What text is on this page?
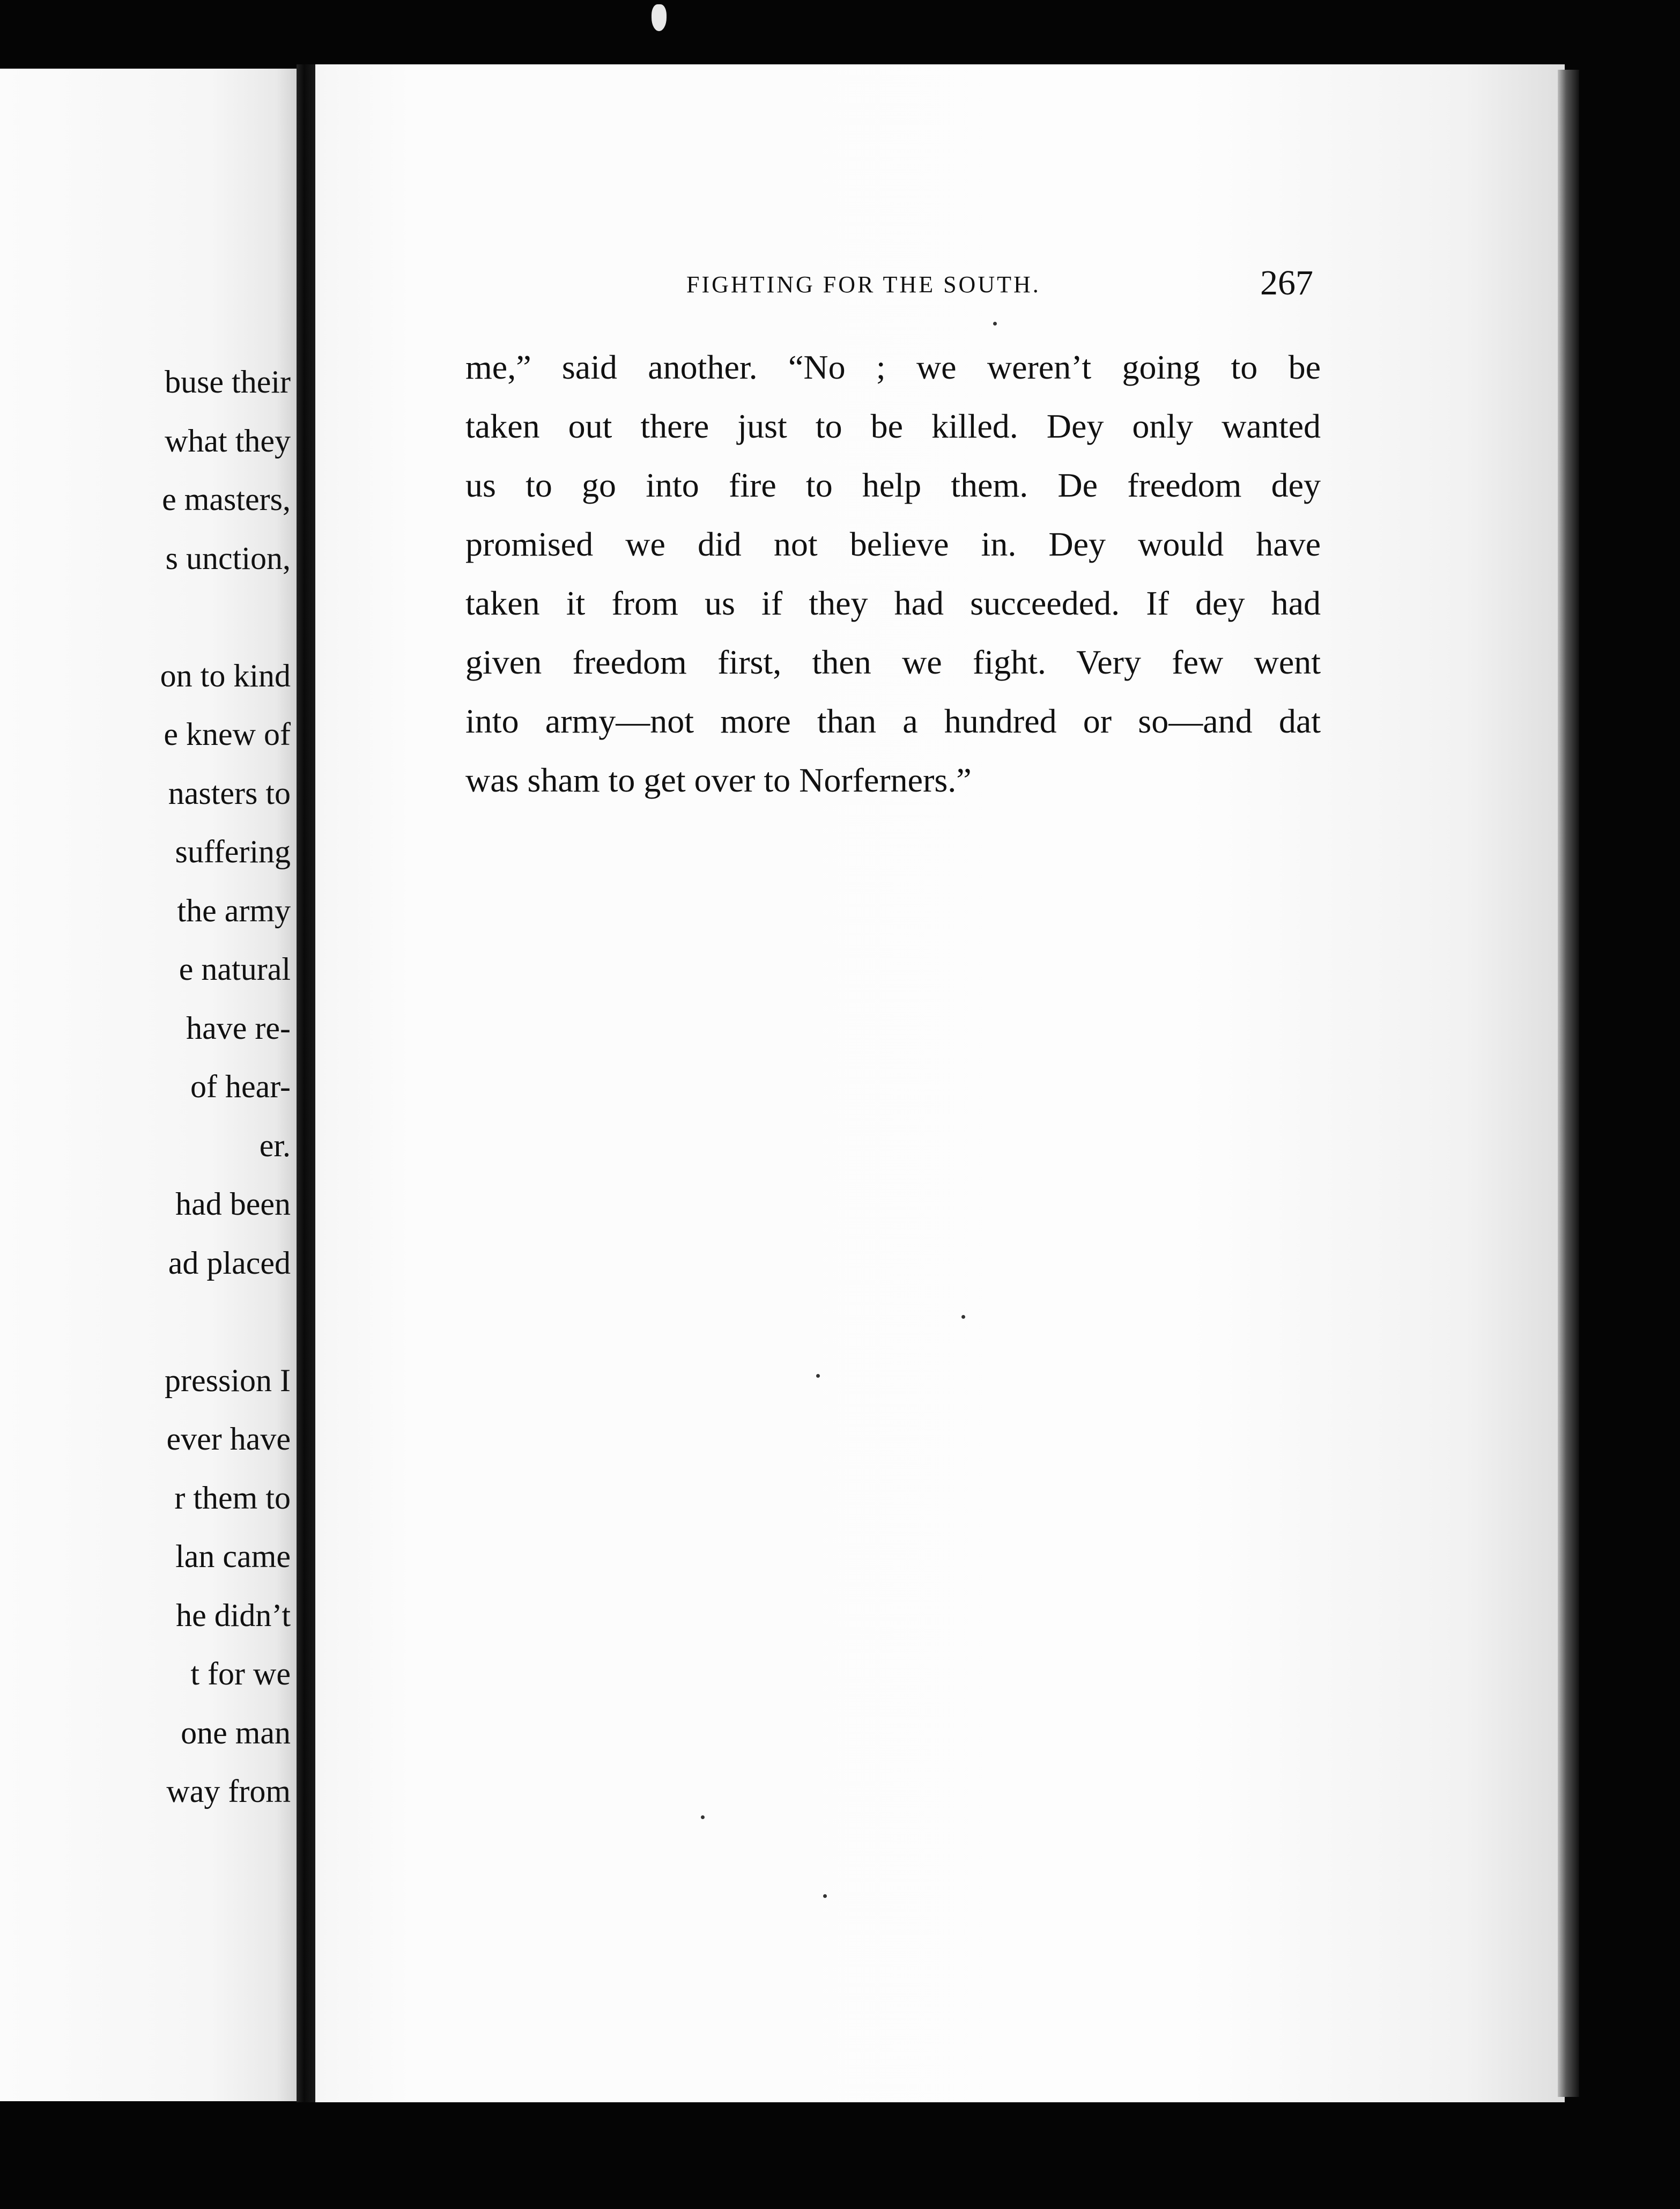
buse their
what they
e masters,
s unction,
on to kind
e knew of
nasters to
suffering
the army
e natural
have re-
of hear-
er.
had been
ad placed
pression I
ever have
r them to
lan came
he didn’t
t for we
one man
way from
FIGHTING FOR THE SOUTH.	267
me,” said another. “No ; we weren’t going to be
taken out there just to be killed. Dey only wanted
us to go into fire to help them. De freedom dey
promised we did not believe in. Dey would have
taken it from us if they had succeeded. If dey had
given freedom first, then we fight. Very few went
into army—not more than a hundred or so—and dat
was sham to get over to Norferners.”
